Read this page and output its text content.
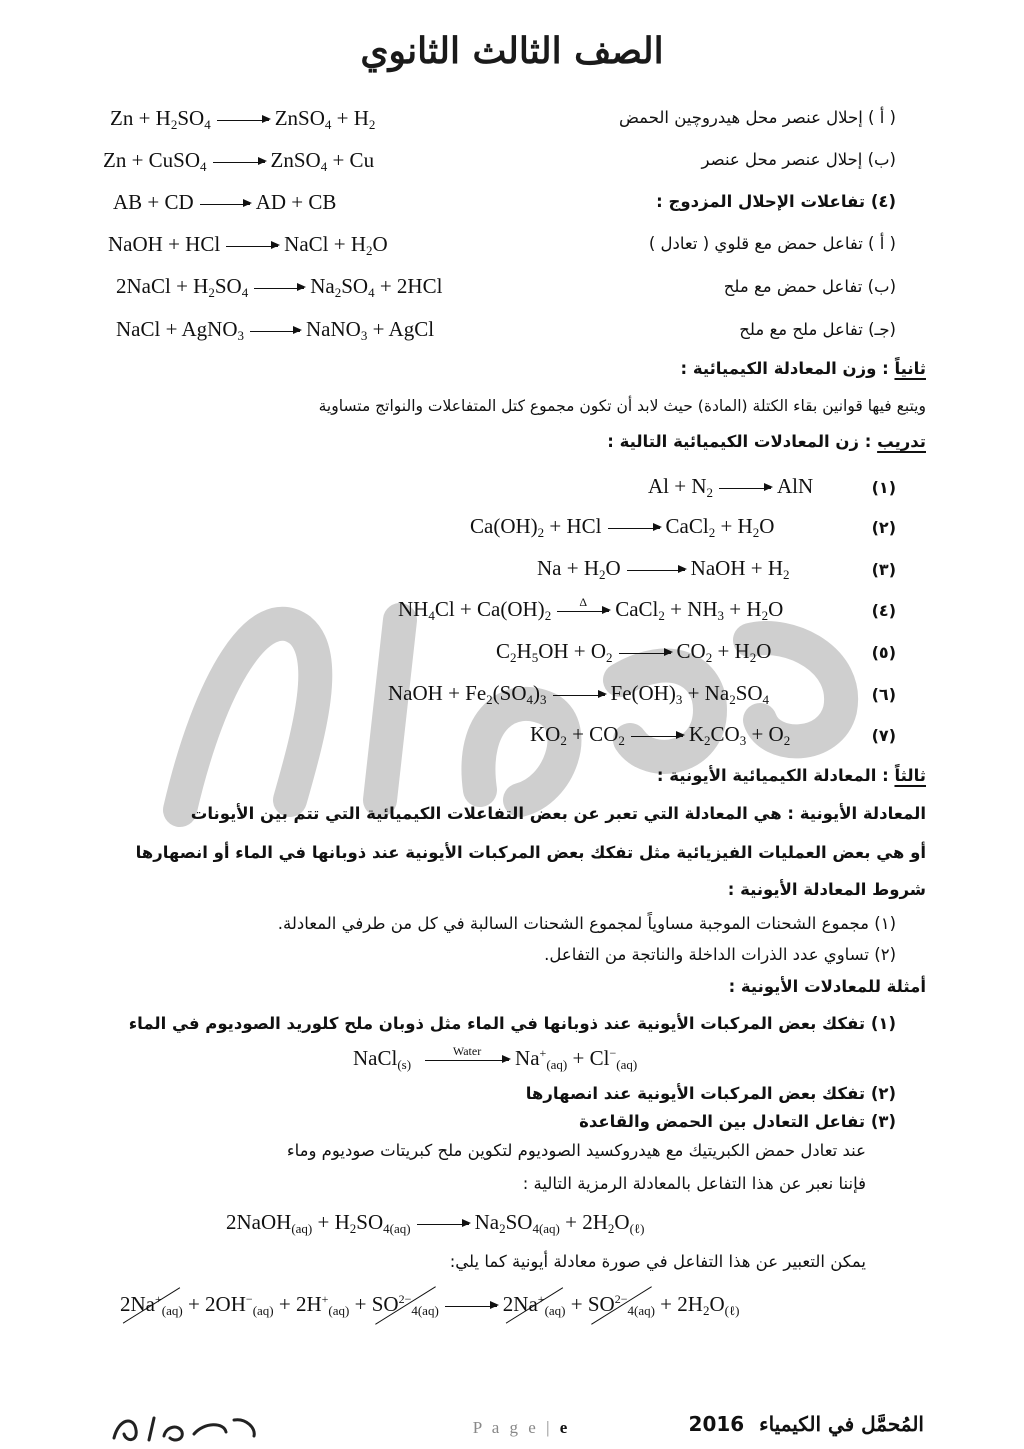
الصف الثالث الثانوي
( أ ) إحلال عنصر محل هيدروچين الحمض
$Zn + H_2SO_4$	ZnSO$_4$ + $H_2$
(ب) إحلال عنصر محل عنصر
Zn + CuSO$_4$	ZnSO$_4$ + Cu
(٤) تفاعلات الإحلال المزدوج :
AB + CD	AD + CB
( أ ) تفاعل حمض مع قلوي ( تعادل )
NaOH + HCl	NaCl + $H_2O$
(ب) تفاعل حمض مع ملح
2NaCl + $H_2SO_4$	$Na_2SO_4 + 2HCl$
(جـ) تفاعل ملح مع ملح
NaCl + AgNO$_3$	NaNO$_3$ + AgCl
ثانياً : وزن المعادلة الكيميائية :
ويتبع فيها قوانين بقاء الكتلة (المادة) حيث لابد أن تكون مجموع كتل المتفاعلات والنواتج متساوية
تدريب : زن المعادلات الكيميائية التالية :
(١)
$Al + N_2$	AlN
(٢)
$Ca(OH)_2$ + HCl	CaCl$_2$ + $H_2O$
(٣)
$Na + H_2O$	NaOH + $H_2$
(٤)
$NH_4Cl + Ca(OH)_2$
Δ	CaCl$_2$ + $NH_3 + H_2O$
(٥)
$C_2H_5OH + O_2$	$CO_2 + H_2O$
(٦)
NaOH + $Fe_2(SO_4)_3$	$Fe(OH)_3 + Na_2SO_4$
(٧)
$KO_2 + CO_2$	$K_2CO_3 + O_2$
ثالثاً : المعادلة الكيميائية الأيونية :
المعادلة الأيونية : هي المعادلة التي تعبر عن بعض التفاعلات الكيميائية التي تتم بين الأيونات
أو هي بعض العمليات الفيزيائية مثل تفكك بعض المركبات الأيونية عند ذوبانها في الماء أو انصهارها
شروط المعادلة الأيونية :
(١) مجموع الشحنات الموجبة مساوياً لمجموع الشحنات السالبة في كل من طرفي المعادلة.
(٢) تساوي عدد الذرات الداخلة والناتجة من التفاعل.
أمثلة للمعادلات الأيونية :
(١) تفكك بعض المركبات الأيونية عند ذوبانها في الماء مثل ذوبان ملح كلوريد الصوديوم في الماء
NaCl$_{(s)}$
Water	$Na^+_{(aq)} + Cl^-_{(aq)}$
(٢) تفكك بعض المركبات الأيونية عند انصهارها
(٣) تفاعل التعادل بين الحمض والقاعدة
عند تعادل حمض الكبريتيك مع هيدروكسيد الصوديوم لتكوين ملح كبريتات صوديوم وماء
فإننا نعبر عن هذا التفاعل بالمعادلة الرمزية التالية :
2NaOH$_{(aq)}$ + $H_2SO_{4(aq)}$	$Na_2SO_{4(aq)} + 2H_2O_{(\ell)}$
يمكن التعبير عن هذا التفاعل في صورة معادلة أيونية كما يلي:
$2Na^+_{(aq)} + 2OH^-_{(aq)} + 2H^+_{(aq)} + SO^{2-}_{4(aq)}$	$2Na^+_{(aq)} + SO^{2-}_{4(aq)} + 2H_2O_{(\ell)}$
P a g e | e	المُحمَّل في الكيمياء 2016
